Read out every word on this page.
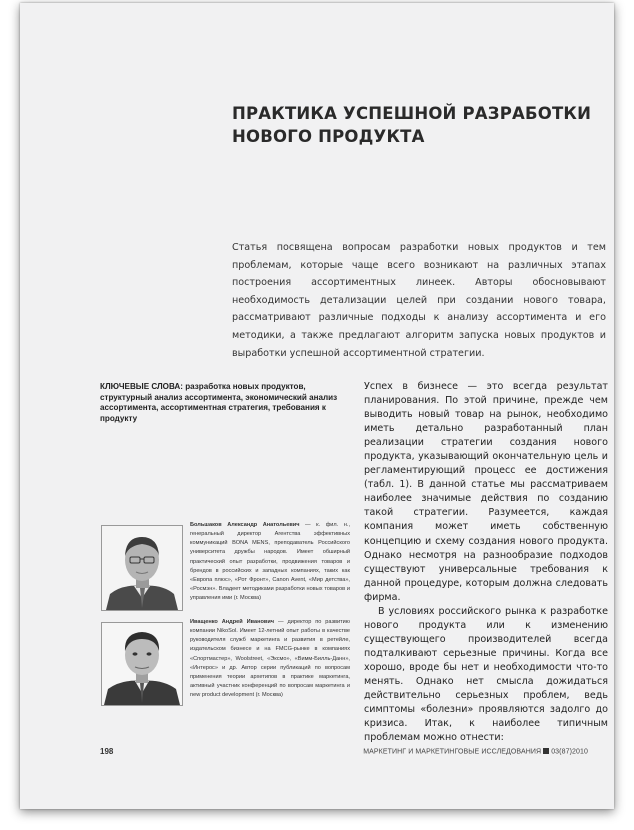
ПРАКТИКА УСПЕШНОЙ РАЗРАБОТКИ НОВОГО ПРОДУКТА

Статья посвящена вопросам разработки новых продуктов и тем проблемам, которые чаще всего возникают на различных этапах построения ассортиментных линеек. Авторы обосновывают необходимость детализации целей при создании нового товара, рассматривают различные подходы к анализу ассортимента и его методики, а также предлагают алгоритм запуска новых продуктов и выработки успешной ассортиментной стратегии.

КЛЮЧЕВЫЕ СЛОВА: разработка новых продуктов, структурный анализ ассортимента, экономический анализ ассортимента, ассортиментная стратегия, требования к продукту

Большаков Александр Анатольевич — к. фил. н., генеральный директор Агентства эффективных коммуникаций BONA MENS, преподаватель Российского университета дружбы народов. Имеет обширный практический опыт разработки, продвижения товаров и брендов в российских и западных компаниях, таких как «Европа плюс», «Рот Фронт», Canon Avent, «Мир детства», «Росмэн». Владеет методиками разработки новых товаров и управления ими (г. Москва)

Иващенко Андрей Иванович — директор по развитию компании NikoSol. Имеет 12-летний опыт работы в качестве руководителя служб маркетинга и развития в ретейле, издательском бизнесе и на FMCG-рынке в компаниях «Спортмастер», Woolstreet, «Эксмо», «Вимм-Билль-Данн», «Интерос» и др. Автор серии публикаций по вопросам применения теории архетипов в практике маркетинга, активный участник конференций по вопросам маркетинга и new product development (г. Москва)

Успех в бизнесе — это всегда результат планирования. По этой причине, прежде чем выводить новый товар на рынок, необходимо иметь детально разработанный план реализации стратегии создания нового продукта, указывающий окончательную цель и регламентирующий процесс ее достижения (табл. 1). В данной статье мы рассматриваем наиболее значимые действия по созданию такой стратегии. Разумеется, каждая компания может иметь собственную концепцию и схему создания нового продукта. Однако несмотря на разнообразие подходов существуют универсальные требования к данной процедуре, которым должна следовать фирма.

В условиях российского рынка к разработке нового продукта или к изменению существующего производителей всегда подталкивают серьезные причины. Когда все хорошо, вроде бы нет и необходимости что-то менять. Однако нет смысла дожидаться действительно серьезных проблем, ведь симптомы «болезни» проявляются задолго до кризиса. Итак, к наиболее типичным проблемам можно отнести:

198	МАРКЕТИНГ И МАРКЕТИНГОВЫЕ ИССЛЕДОВАНИЯ 03(87)2010
